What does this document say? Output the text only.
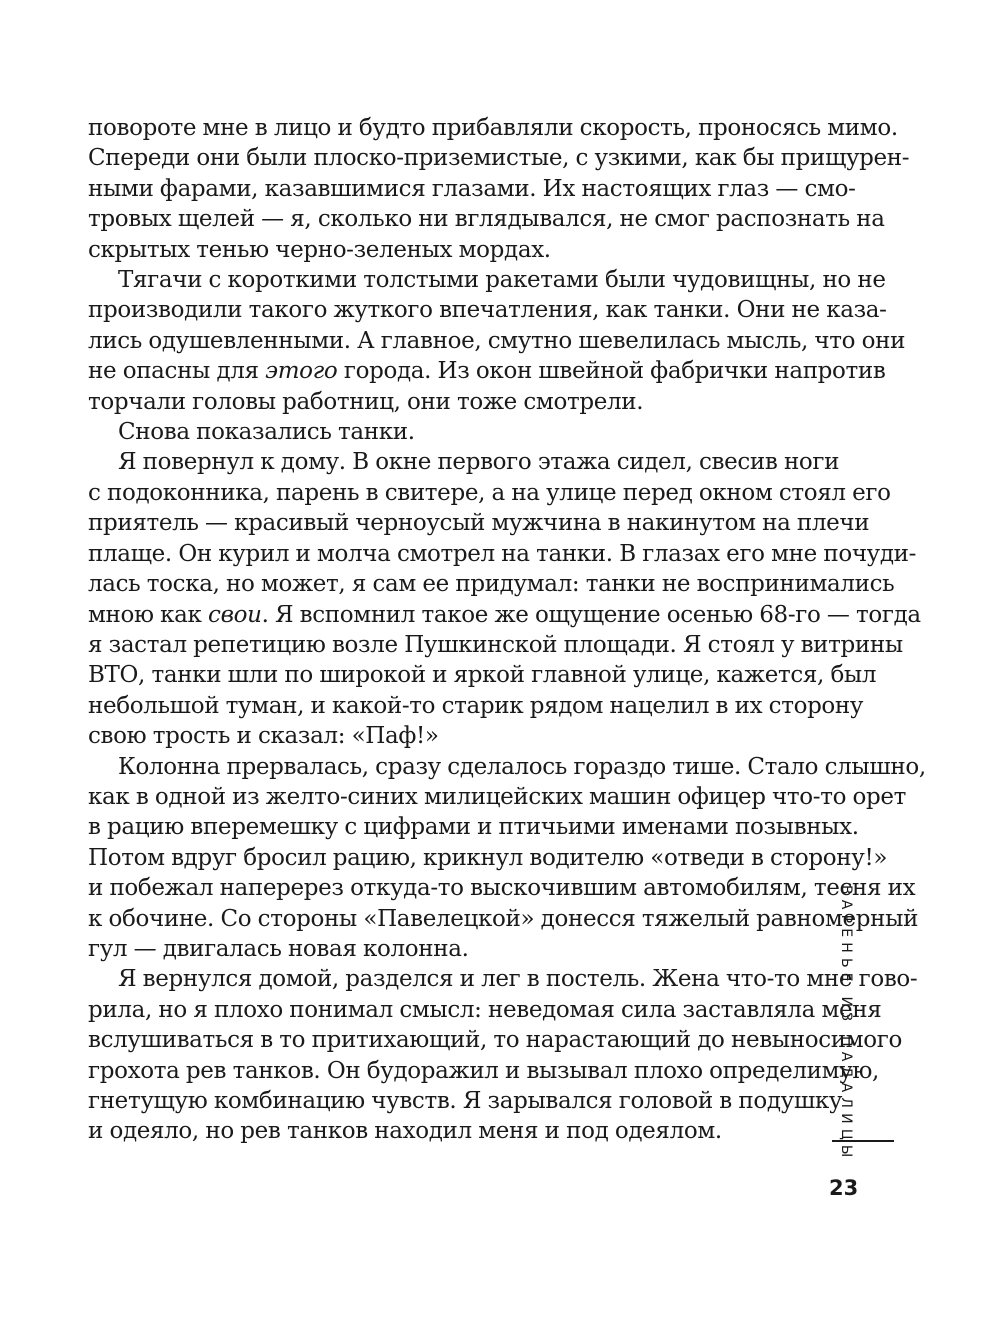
повороте мне в лицо и будто прибавляли скорость, проносясь мимо.

Спереди они были плоско-приземистые, с узкими, как бы прищурен-

ными фарами, казавшимися глазами. Их настоящих глаз — смо-

тровых щелей — я, сколько ни вглядывался, не смог распознать на

скрытых тенью черно-зеленых мордах.

Тягачи с короткими толстыми ракетами были чудовищны, но не

производили такого жуткого впечатления, как танки. Они не каза-

лись одушевленными. А главное, смутно шевелилась мысль, что они

не опасны для этого города. Из окон швейной фабрички напротив

торчали головы работниц, они тоже смотрели.

Снова показались танки.

Я повернул к дому. В окне первого этажа сидел, свесив ноги

с подоконника, парень в свитере, а на улице перед окном стоял его

приятель — красивый черноусый мужчина в накинутом на плечи

плаще. Он курил и молча смотрел на танки. В глазах его мне почуди-

лась тоска, но может, я сам ее придумал: танки не воспринимались

мною как свои. Я вспомнил такое же ощущение осенью 68-го — тогда

я застал репетицию возле Пушкинской площади. Я стоял у витрины

ВТО, танки шли по широкой и яркой главной улице, кажется, был

небольшой туман, и какой-то старик рядом нацелил в их сторону

свою трость и сказал: «Паф!»

Колонна прервалась, сразу сделалось гораздо тише. Стало слышно,

как в одной из желто-синих милицейских машин офицер что-то орет

в рацию вперемешку с цифрами и птичьими именами позывных.

Потом вдруг бросил рацию, крикнул водителю «отведи в сторону!»

и побежал наперерез откуда-то выскочившим автомобилям, тесня их

к обочине. Со стороны «Павелецкой» донесся тяжелый равномерный

гул — двигалась новая колонна.

Я вернулся домой, разделся и лег в постель. Жена что-то мне гово-

рила, но я плохо понимал смысл: неведомая сила заставляла меня

вслушиваться в то притихающий, то нарастающий до невыносимого

грохота рев танков. Он будоражил и вызывал плохо определимую,

гнетущую комбинацию чувств. Я зарывался головой в подушку

и одеяло, но рев танков находил меня и под одеялом.	ВАРЕНЬЕ ИЗ ПАДАЛИЦЫ
23
